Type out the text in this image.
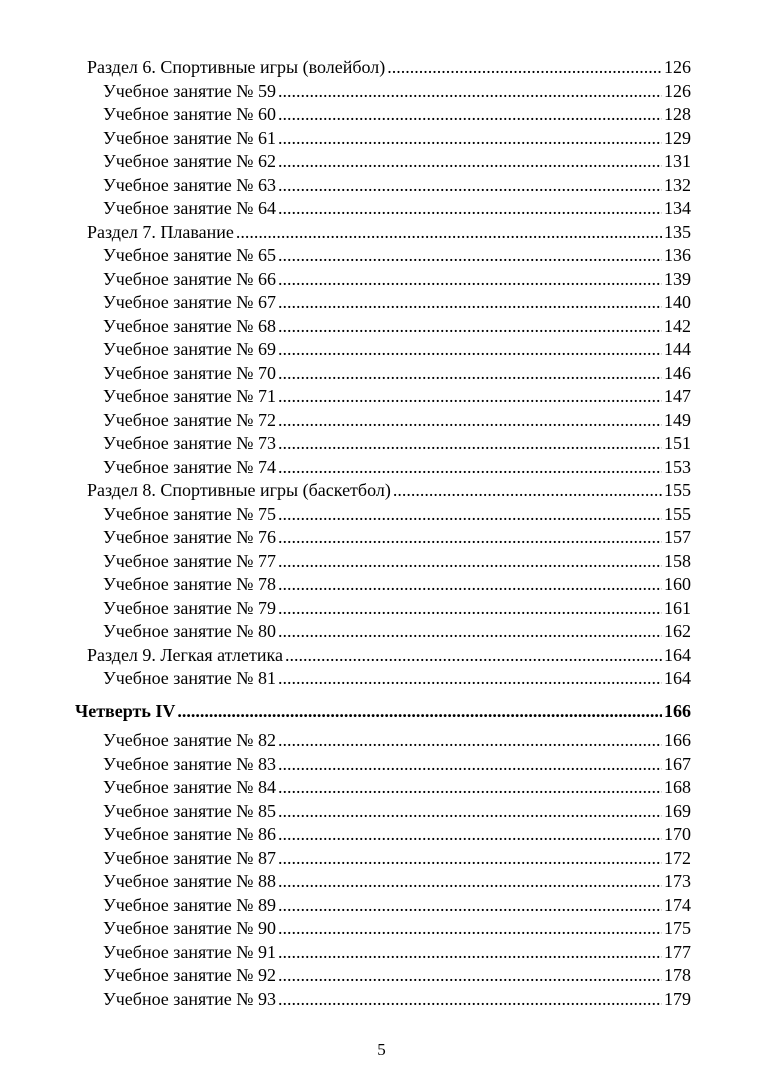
Раздел 6. Спортивные игры (волейбол) .....	126
Учебное занятие № 59 .....	126
Учебное занятие № 60 .....	128
Учебное занятие № 61 .....	129
Учебное занятие № 62 .....	131
Учебное занятие № 63 .....	132
Учебное занятие № 64 .....	134
Раздел 7. Плавание .....	135
Учебное занятие № 65 .....	136
Учебное занятие № 66 .....	139
Учебное занятие № 67 .....	140
Учебное занятие № 68 .....	142
Учебное занятие № 69 .....	144
Учебное занятие № 70 .....	146
Учебное занятие № 71 .....	147
Учебное занятие № 72 .....	149
Учебное занятие № 73 .....	151
Учебное занятие № 74 .....	153
Раздел 8. Спортивные игры (баскетбол) .....	155
Учебное занятие № 75 .....	155
Учебное занятие № 76 .....	157
Учебное занятие № 77 .....	158
Учебное занятие № 78 .....	160
Учебное занятие № 79 .....	161
Учебное занятие № 80 .....	162
Раздел 9. Легкая атлетика .....	164
Учебное занятие № 81 .....	164
Четверть IV .....	166
Учебное занятие № 82 .....	166
Учебное занятие № 83 .....	167
Учебное занятие № 84 .....	168
Учебное занятие № 85 .....	169
Учебное занятие № 86 .....	170
Учебное занятие № 87 .....	172
Учебное занятие № 88 .....	173
Учебное занятие № 89 .....	174
Учебное занятие № 90 .....	175
Учебное занятие № 91 .....	177
Учебное занятие № 92 .....	178
Учебное занятие № 93 .....	179
5
